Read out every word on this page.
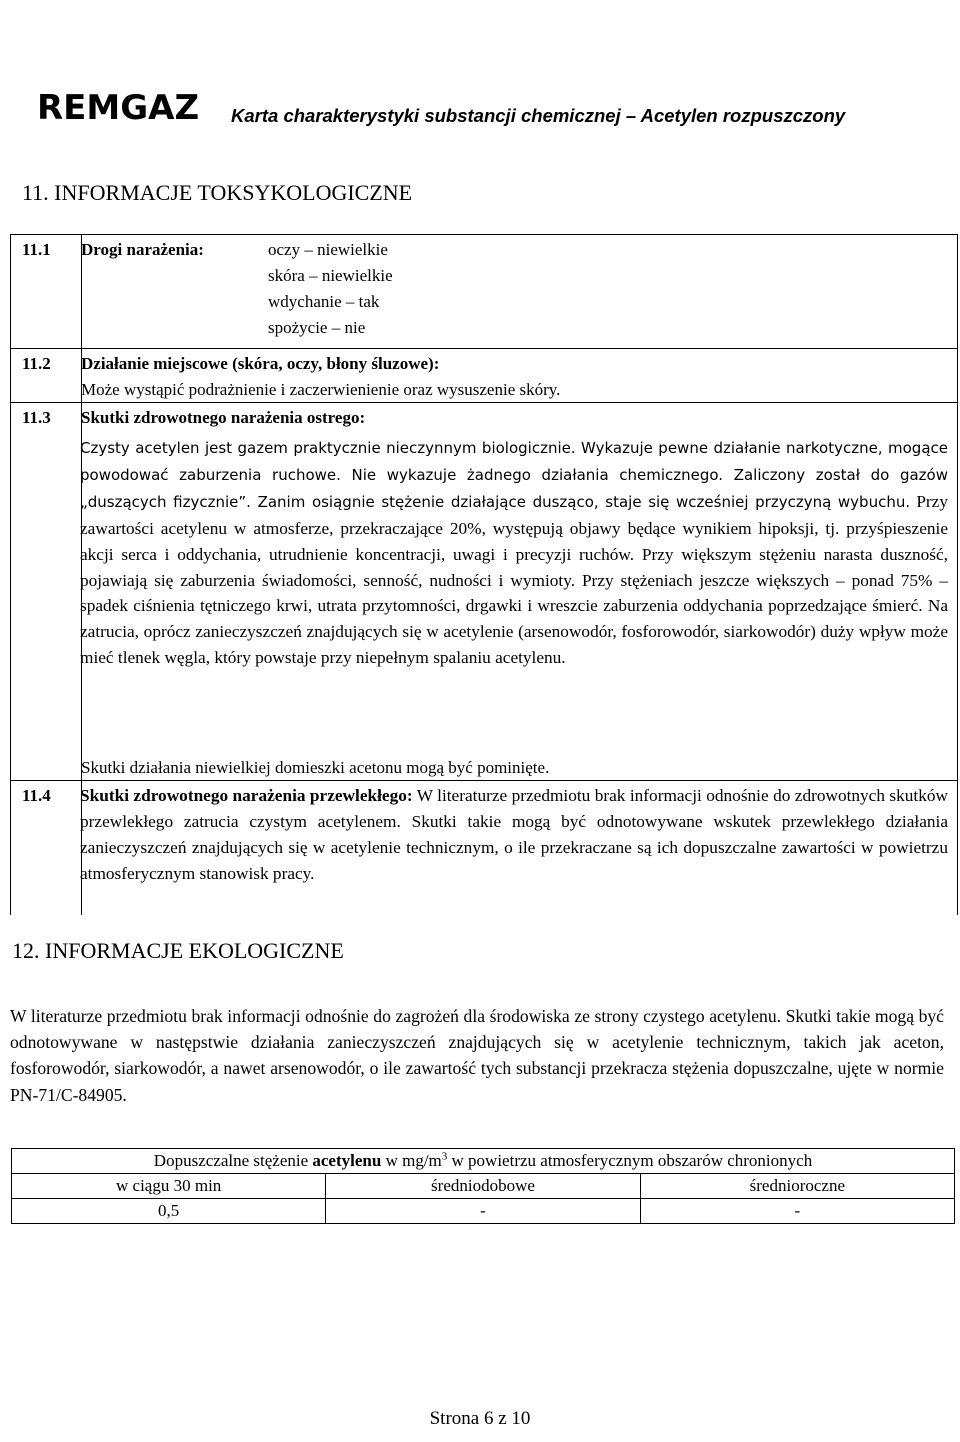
REMGAZ Karta charakterystyki substancji chemicznej – Acetylen rozpuszczony
11. INFORMACJE TOKSYKOLOGICZNE
11.1 Drogi narażenia:	oczy – niewielkie
skóra – niewielkie
wdychanie – tak
spożycie – nie
11.2 Działanie miejscowe (skóra, oczy, błony śluzowe):
Może wystąpić podrażnienie i zaczerwienienie oraz wysuszenie skóry.
11.3 Skutki zdrowotnego narażenia ostrego:
Czysty acetylen jest gazem praktycznie nieczynnym biologicznie. Wykazuje pewne działanie narkotyczne, mogące powodować zaburzenia ruchowe. Nie wykazuje żadnego działania chemicznego. Zaliczony został do gazów „duszących fizycznie”. Zanim osiągnie stężenie działające dusząco, staje się wcześniej przyczyną wybuchu. Przy zawartości acetylenu w atmosferze, przekraczające 20%, występują objawy będące wynikiem hipoksji, tj. przyśpieszenie akcji serca i oddychania, utrudnienie koncentracji, uwagi i precyzji ruchów. Przy większym stężeniu narasta duszność, pojawiają się zaburzenia świadomości, senność, nudności i wymioty. Przy stężeniach jeszcze większych – ponad 75% – spadek ciśnienia tętniczego krwi, utrata przytomności, drgawki i wreszcie zaburzenia oddychania poprzedzające śmierć. Na zatrucia, oprócz zanieczyszczeń znajdujących się w acetylenie (arsenowodór, fosforowodór, siarkowodór) duży wpływ może mieć tlenek węgla, który powstaje przy niepełnym spalaniu acetylenu.
Skutki działania niewielkiej domieszki acetonu mogą być pominięte.
11.4 Skutki zdrowotnego narażenia przewlekłego: W literaturze przedmiotu brak informacji odnośnie do zdrowotnych skutków przewlekłego zatrucia czystym acetylenem. Skutki takie mogą być odnotowywane wskutek przewlekłego działania zanieczyszczeń znajdujących się w acetylenie technicznym, o ile przekraczane są ich dopuszczalne zawartości w powietrzu atmosferycznym stanowisk pracy.
12. INFORMACJE EKOLOGICZNE
W literaturze przedmiotu brak informacji odnośnie do zagrożeń dla środowiska ze strony czystego acetylenu. Skutki takie mogą być odnotowywane w następstwie działania zanieczyszczeń znajdujących się w acetylenie technicznym, takich jak aceton, fosforowodór, siarkowodór, a nawet arsenowodór, o ile zawartość tych substancji przekracza stężenia dopuszczalne, ujęte w normie PN-71/C-84905.
Dopuszczalne stężenie acetylenu w $mg/m^3$ w powietrzu atmosferycznym obszarów chronionych		
w ciągu 30 min	średniodobowe	średnioroczne
0,5	-	-
Strona 6 z 10
